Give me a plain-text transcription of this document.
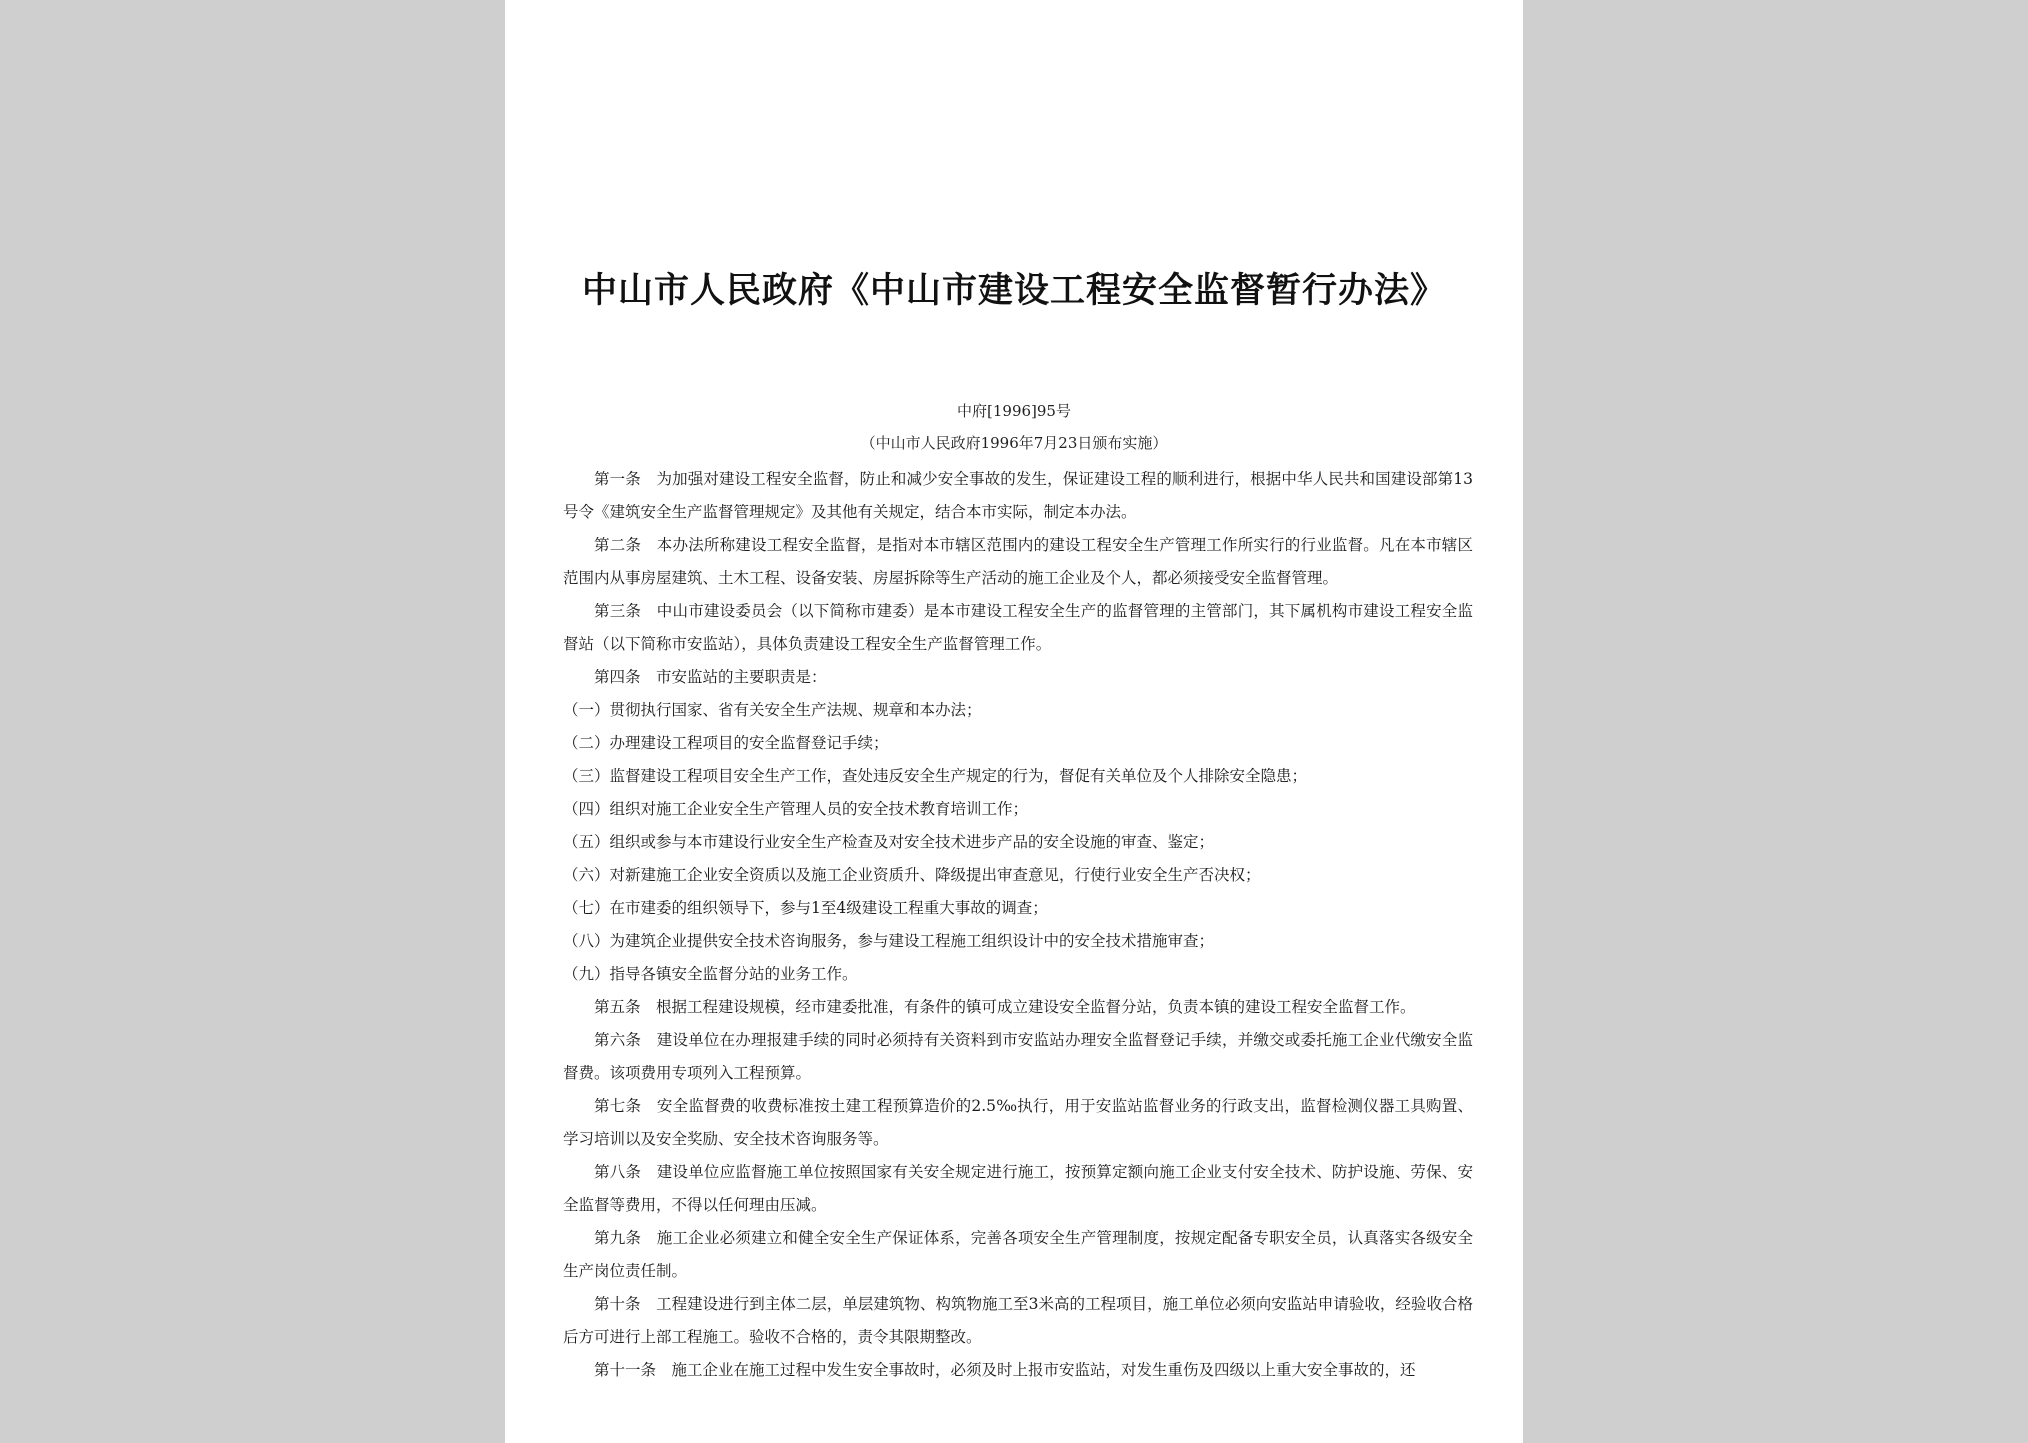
中山市人民政府《中山市建设工程安全监督暂行办法》
中府[1996]95号
（中山市人民政府1996年7月23日颁布实施）

第一条　为加强对建设工程安全监督，防止和减少安全事故的发生，保证建设工程的顺利进行，根据中华人民共和国建设部第13号令《建筑安全生产监督管理规定》及其他有关规定，结合本市实际，制定本办法。

第二条　本办法所称建设工程安全监督，是指对本市辖区范围内的建设工程安全生产管理工作所实行的行业监督。凡在本市辖区范围内从事房屋建筑、土木工程、设备安装、房屋拆除等生产活动的施工企业及个人，都必须接受安全监督管理。

第三条　中山市建设委员会（以下简称市建委）是本市建设工程安全生产的监督管理的主管部门，其下属机构市建设工程安全监督站（以下简称市安监站），具体负责建设工程安全生产监督管理工作。

第四条　市安监站的主要职责是：

（一）贯彻执行国家、省有关安全生产法规、规章和本办法；

（二）办理建设工程项目的安全监督登记手续；

（三）监督建设工程项目安全生产工作，查处违反安全生产规定的行为，督促有关单位及个人排除安全隐患；

（四）组织对施工企业安全生产管理人员的安全技术教育培训工作；

（五）组织或参与本市建设行业安全生产检查及对安全技术进步产品的安全设施的审查、鉴定；

（六）对新建施工企业安全资质以及施工企业资质升、降级提出审查意见，行使行业安全生产否决权；

（七）在市建委的组织领导下，参与1至4级建设工程重大事故的调查；

（八）为建筑企业提供安全技术咨询服务，参与建设工程施工组织设计中的安全技术措施审查；

（九）指导各镇安全监督分站的业务工作。

第五条　根据工程建设规模，经市建委批准，有条件的镇可成立建设安全监督分站，负责本镇的建设工程安全监督工作。

第六条　建设单位在办理报建手续的同时必须持有关资料到市安监站办理安全监督登记手续，并缴交或委托施工企业代缴安全监督费。该项费用专项列入工程预算。

第七条　安全监督费的收费标准按土建工程预算造价的2.5‰执行，用于安监站监督业务的行政支出，监督检测仪器工具购置、学习培训以及安全奖励、安全技术咨询服务等。

第八条　建设单位应监督施工单位按照国家有关安全规定进行施工，按预算定额向施工企业支付安全技术、防护设施、劳保、安全监督等费用，不得以任何理由压减。

第九条　施工企业必须建立和健全安全生产保证体系，完善各项安全生产管理制度，按规定配备专职安全员，认真落实各级安全生产岗位责任制。

第十条　工程建设进行到主体二层，单层建筑物、构筑物施工至3米高的工程项目，施工单位必须向安监站申请验收，经验收合格后方可进行上部工程施工。验收不合格的，责令其限期整改。

第十一条　施工企业在施工过程中发生安全事故时，必须及时上报市安监站，对发生重伤及四级以上重大安全事故的，还
